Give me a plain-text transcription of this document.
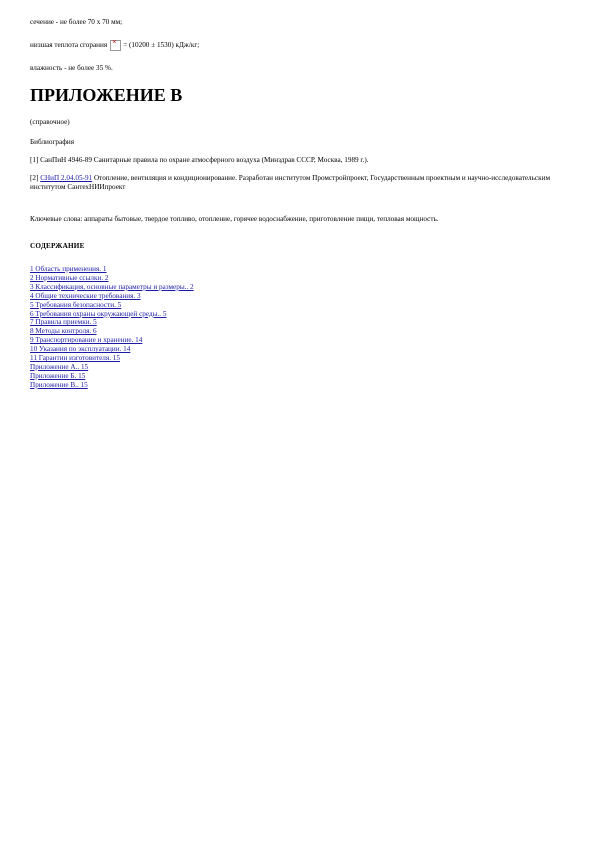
сечение - не более 70 x 70 мм;

низшая теплота сгорания × = (10200 ± 1530) кДж/кг;

влажность - не более 35 %.

ПРИЛОЖЕНИЕ В

(справочное)

Библиография

[1] СанПиН 4946-89 Санитарные правила по охране атмосферного воздуха (Минздрав СССР, Москва, 1989 г.).

[2] СНиП 2.04.05-91 Отопление, вентиляция и кондиционирование. Разработан институтом Промстройпроект, Государственным проектным и научно-исследовательским институтом СантехНИИпроект

Ключевые слова: аппараты бытовые, твердое топливо, отопление, горячее водоснабжение, приготовление пищи, тепловая мощность.

СОДЕРЖАНИЕ

1 Область применения. 1
2 Нормативные ссылки. 2
3 Классификация, основные параметры и размеры.. 2
4 Общие технические требования. 3
5 Требования безопасности. 5
6 Требования охраны окружающей среды.. 5
7 Правила приемки. 5
8 Методы контроля. 6
9 Транспортирование и хранение. 14
10 Указания по эксплуатации. 14
11 Гарантии изготовителя. 15
Приложение А.. 15
Приложение Б. 15
Приложение В.. 15
